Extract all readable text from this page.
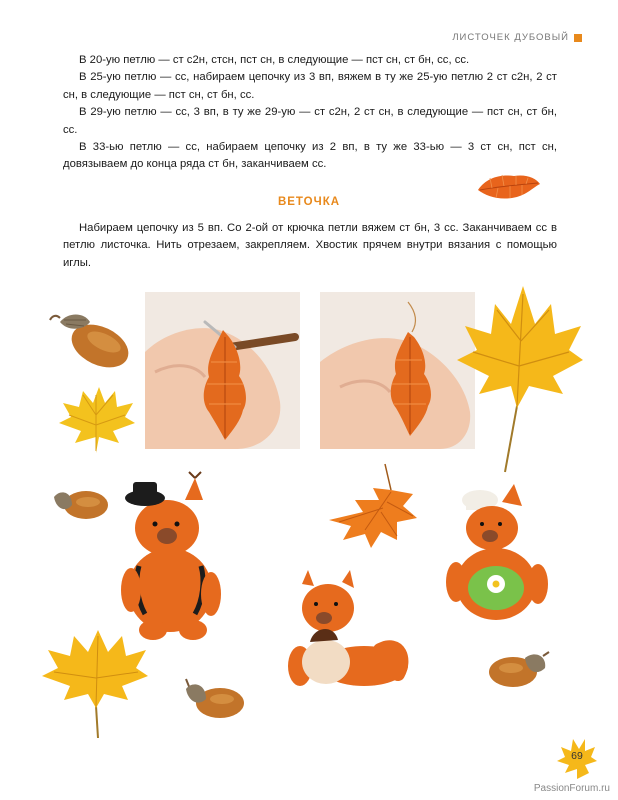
ЛИСТОЧЕК ДУБОВЫЙ

В 20-ую петлю — ст с2н, стсн, пст сн, в следующие — пст сн, ст бн, сс, сс.

В 25-ую петлю — сс, набираем цепочку из 3 вп, вяжем в ту же 25-ую петлю 2 ст с2н, 2 ст сн, в следующие — пст сн, ст бн, сс.

В 29-ую петлю — сс, 3 вп, в ту же 29-ую — ст с2н, 2 ст сн, в следующие — пст сн, ст бн, сс.

В 33-ью петлю — сс, набираем цепочку из 2 вп, в ту же 33-ью — 3 ст сн, пст сн, довязываем до конца ряда ст бн, заканчиваем сс.

ВЕТОЧКА

Набираем цепочку из 5 вп. Со 2-ой от крючка петли вяжем ст бн, 3 сс. Заканчиваем сс в петлю листочка. Нить отрезаем, закрепляем. Хвостик прячем внутри вязания с помощью иглы.

69
PassionForum.ru
